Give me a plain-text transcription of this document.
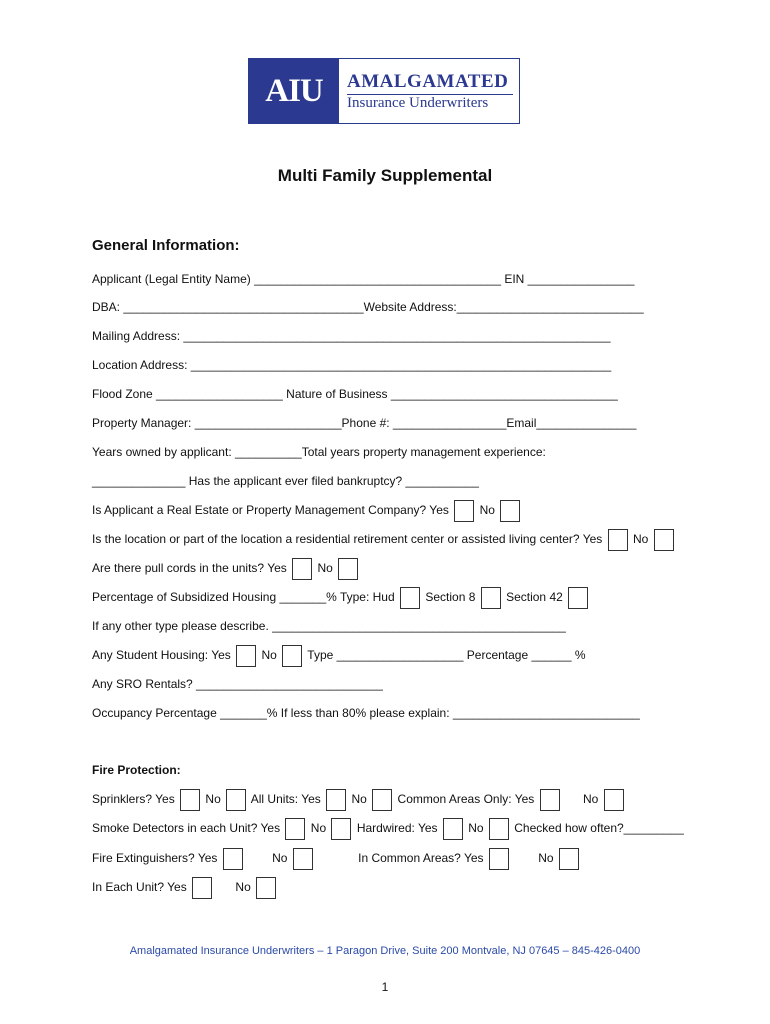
AIU	AMALGAMATED
Insurance Underwriters
Multi Family Supplemental
General Information:
Applicant (Legal Entity Name) _____________________________________ EIN ________________
DBA: ____________________________________Website Address:____________________________
Mailing Address: ________________________________________________________________
Location Address: _______________________________________________________________
Flood Zone ___________________ Nature of Business __________________________________
Property Manager: ______________________Phone #: _________________Email_______________
Years owned by applicant: __________Total years property management experience:
______________ Has the applicant ever filed bankruptcy? ___________
Is Applicant a Real Estate or Property Management Company? Yes	No
Is the location or part of the location a residential retirement center or assisted living center? Yes	No
Are there pull cords in the units? Yes	No
Percentage of Subsidized Housing _______% Type: Hud	Section 8	Section 42
If any other type please describe. ____________________________________________
Any Student Housing: Yes	No	Type ___________________ Percentage ______ %
Any SRO Rentals? ____________________________
Occupancy Percentage _______% If less than 80% please explain: ____________________________
Fire Protection:
Sprinklers? Yes	No	All Units: Yes	No	Common Areas Only: Yes	No
Smoke Detectors in each Unit? Yes	No	Hardwired: Yes	No	Checked how often?_________
Fire Extinguishers? Yes	No	In Common Areas? Yes	No
In Each Unit? Yes	No
Amalgamated Insurance Underwriters – 1 Paragon Drive, Suite 200 Montvale, NJ 07645 – 845-426-0400
1
